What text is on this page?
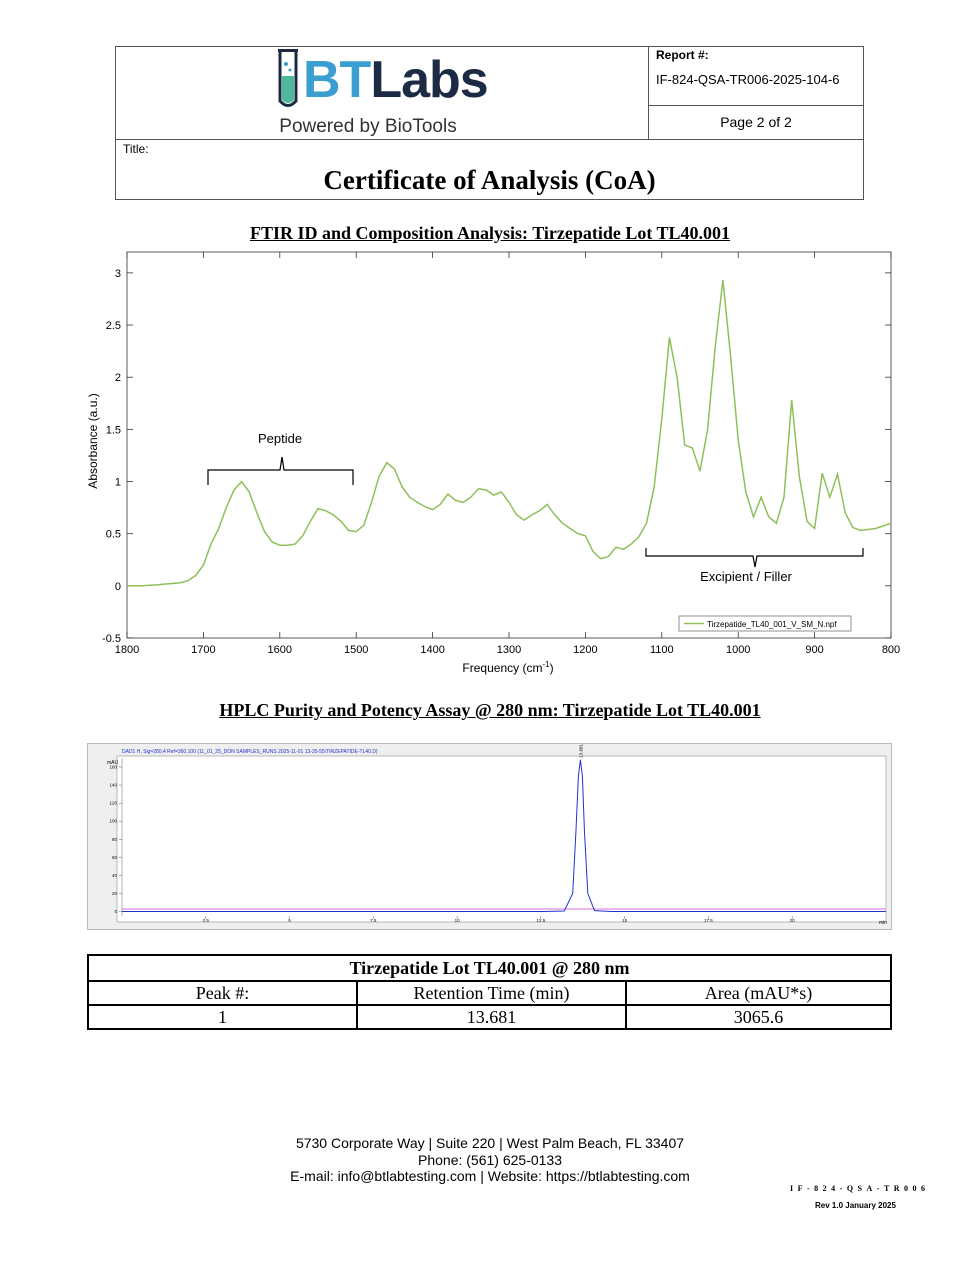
BTLabs
Powered by BioTools
Report #:
IF-824-QSA-TR006-2025-104-6
Page 2 of 2
Title:
Certificate of Analysis (CoA)
FTIR ID and Composition Analysis: Tirzepatide Lot TL40.001
1800	1700	1600	1500	1400	1300	1200	1100	1000	900	800
-0.5
0
0.5
1
1.5
2
2.5
3
Peptide
Excipient / Filler
Tirzepatide_TL40_001_V_SM_N.npf
Frequency $(cm^{-1})$
Absorbance (a.u.)
HPLC Purity and Potency Assay @ 280 nm: Tirzepatide Lot TL40.001
DAD1 H, Sig=280,4 Ref=360,100 (11_01_25_DON SAMPLES_RUNS 2025-11-01 13-35-55\TIRZEPATIDE-TL40.D)
mAU
min
2.5	5	7.5	10	12.5	15	17.5	20
0
20
40
60
80
100
120
140
160
13.681
Tirzepatide Lot TL40.001 @ 280 nm		
Peak #:	Retention Time (min)	Area (mAU*s)
1	13.681	3065.6
5730 Corporate Way | Suite 220 | West Palm Beach, FL 33407
Phone: (561) 625-0133
E-mail: info@btlabtesting.com | Website: https://btlabtesting.com
IF-824-QSA-TR006
Rev 1.0 January 2025
